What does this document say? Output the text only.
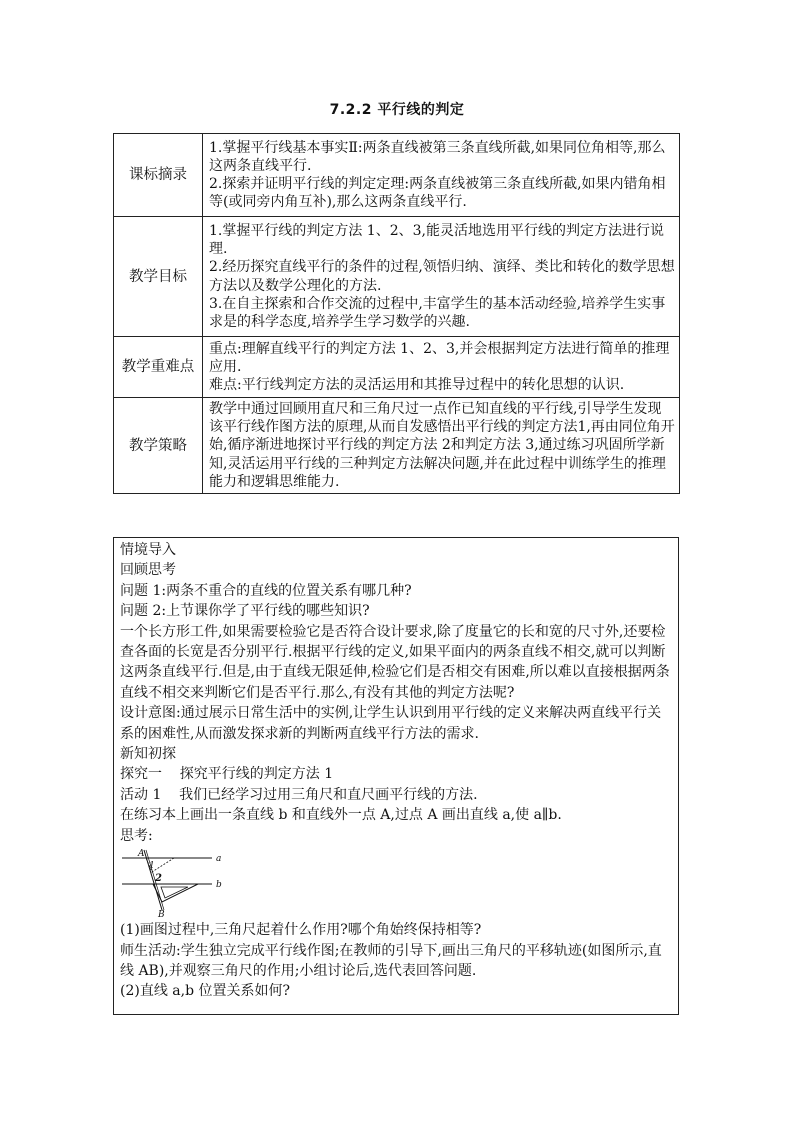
7.2.2 平行线的判定
课标摘录	1.掌握平行线基本事实Ⅱ:两条直线被第三条直线所截,如果同位角相等,那么这两条直线平行.

2.探索并证明平行线的判定定理:两条直线被第三条直线所截,如果内错角相等(或同旁内角互补),那么这两条直线平行.

教学目标	1.掌握平行线的判定方法 1、2、3,能灵活地选用平行线的判定方法进行说理.

2.经历探究直线平行的条件的过程,领悟归纳、演绎、类比和转化的数学思想方法以及数学公理化的方法.

3.在自主探索和合作交流的过程中,丰富学生的基本活动经验,培养学生实事求是的科学态度,培养学生学习数学的兴趣.

教学重难点	重点:理解直线平行的判定方法 1、2、3,并会根据判定方法进行简单的推理应用.

难点:平行线判定方法的灵活运用和其推导过程中的转化思想的认识.

教学策略	教学中通过回顾用直尺和三角尺过一点作已知直线的平行线,引导学生发现该平行线作图方法的原理,从而自发感悟出平行线的判定方法1,再由同位角开始,循序渐进地探讨平行线的判定方法 2和判定方法 3,通过练习巩固所学新知,灵活运用平行线的三种判定方法解决问题,并在此过程中训练学生的推理能力和逻辑思维能力.

情境导入

回顾思考

问题 1:两条不重合的直线的位置关系有哪几种?

问题 2:上节课你学了平行线的哪些知识?

一个长方形工件,如果需要检验它是否符合设计要求,除了度量它的长和宽的尺寸外,还要检查各面的长宽是否分别平行.根据平行线的定义,如果平面内的两条直线不相交,就可以判断这两条直线平行.但是,由于直线无限延伸,检验它们是否相交有困难,所以难以直接根据两条直线不相交来判断它们是否平行.那么,有没有其他的判定方法呢?

设计意图:通过展示日常生活中的实例,让学生认识到用平行线的定义来解决两直线平行关系的困难性,从而激发探求新的判断两直线平行方法的需求.

新知初探

探究一    探究平行线的判定方法 1

活动 1    我们已经学习过用三角尺和直尺画平行线的方法.

在练习本上画出一条直线 b 和直线外一点 A,过点 A 画出直线 a,使 a∥b.

思考:

A	a
b
1
2
B

(1)画图过程中,三角尺起着什么作用?哪个角始终保持相等?

师生活动:学生独立完成平行线作图;在教师的引导下,画出三角尺的平移轨迹(如图所示,直线 AB),并观察三角尺的作用;小组讨论后,选代表回答问题.

(2)直线 a,b 位置关系如何?
